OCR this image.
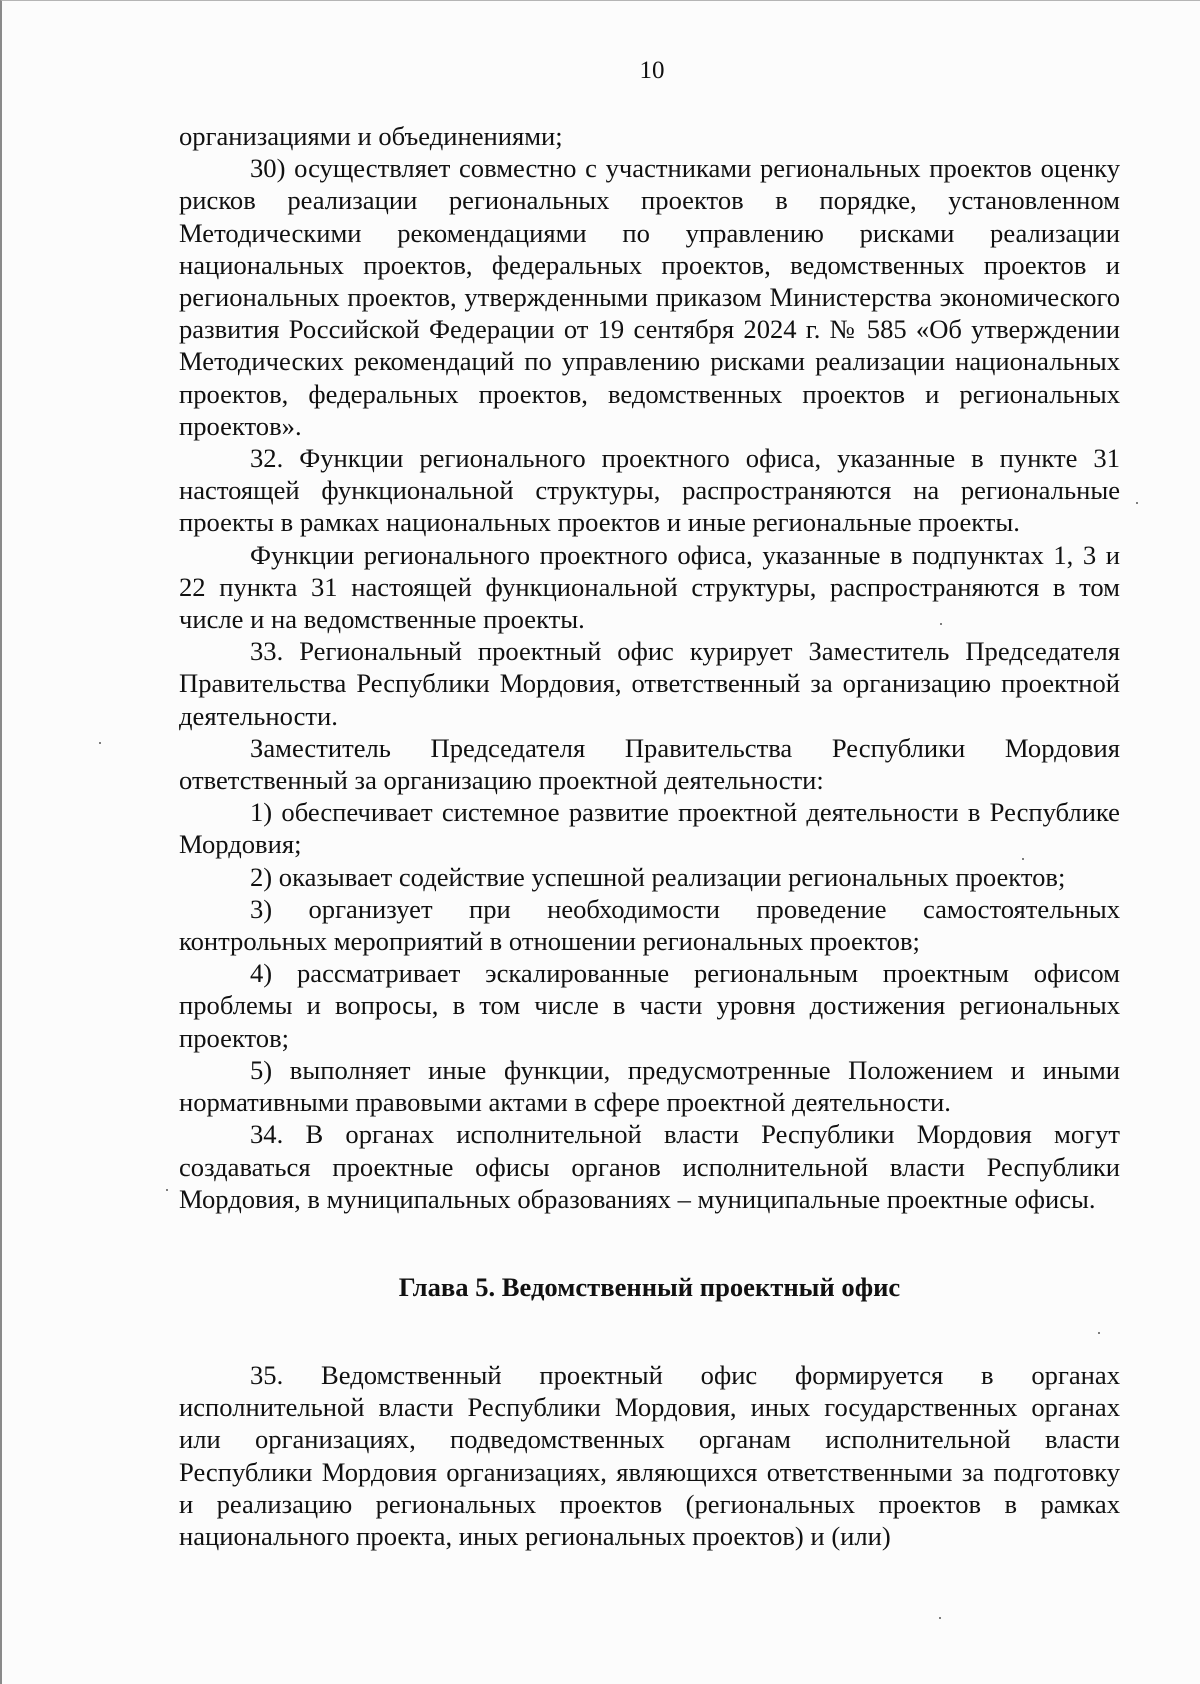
10

организациями и объединениями;

30) осуществляет совместно с участниками региональных проектов оценку рисков реализации региональных проектов в порядке, установленном Методическими рекомендациями по управлению рисками реализации национальных проектов, федеральных проектов, ведомственных проектов и региональных проектов, утвержденными приказом Министерства экономического развития Российской Федерации от 19 сентября 2024 г. № 585 «Об утверждении Методических рекомендаций по управлению рисками реализации национальных проектов, федеральных проектов, ведомственных проектов и региональных проектов».

32. Функции регионального проектного офиса, указанные в пункте 31 настоящей функциональной структуры, распространяются на региональные проекты в рамках национальных проектов и иные региональные проекты.

Функции регионального проектного офиса, указанные в подпунктах 1, 3 и 22 пункта 31 настоящей функциональной структуры, распространяются в том числе и на ведомственные проекты.

33. Региональный проектный офис курирует Заместитель Председателя Правительства Республики Мордовия, ответственный за организацию проектной деятельности.

Заместитель Председателя Правительства Республики Мордовия ответственный за организацию проектной деятельности:

1) обеспечивает системное развитие проектной деятельности в Республике Мордовия;

2) оказывает содействие успешной реализации региональных проектов;

3) организует при необходимости проведение самостоятельных контрольных мероприятий в отношении региональных проектов;

4) рассматривает эскалированные региональным проектным офисом проблемы и вопросы, в том числе в части уровня достижения региональных проектов;

5) выполняет иные функции, предусмотренные Положением и иными нормативными правовыми актами в сфере проектной деятельности.

34. В органах исполнительной власти Республики Мордовия могут создаваться проектные офисы органов исполнительной власти Республики Мордовия, в муниципальных образованиях – муниципальные проектные офисы.

Глава 5. Ведомственный проектный офис

35. Ведомственный проектный офис формируется в органах исполнительной власти Республики Мордовия, иных государственных органах или организациях, подведомственных органам исполнительной власти Республики Мордовия организациях, являющихся ответственными за подготовку и реализацию региональных проектов (региональных проектов в рамках национального проекта, иных региональных проектов) и (или)
